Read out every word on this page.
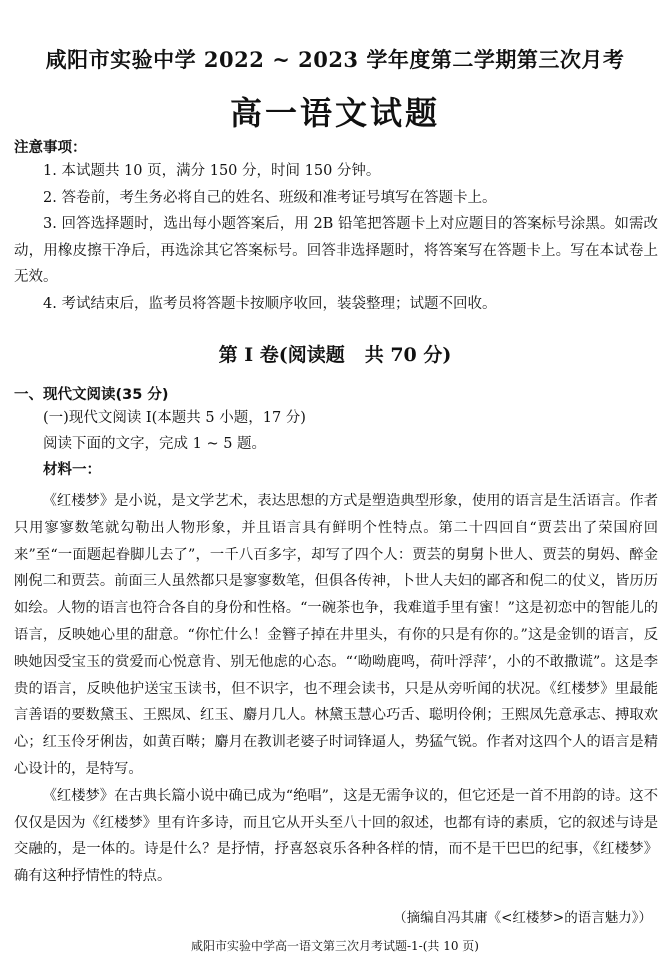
咸阳市实验中学 2022 ~ 2023 学年度第二学期第三次月考
高一语文试题
注意事项：

1. 本试题共 10 页，满分 150 分，时间 150 分钟。

2. 答卷前，考生务必将自己的姓名、班级和准考证号填写在答题卡上。

3. 回答选择题时，选出每小题答案后，用 2B 铅笔把答题卡上对应题目的答案标号涂黑。如需改动，用橡皮擦干净后，再选涂其它答案标号。回答非选择题时，将答案写在答题卡上。写在本试卷上无效。

4. 考试结束后，监考员将答题卡按顺序收回，装袋整理；试题不回收。

第 I 卷(阅读题 共 70 分)
一、现代文阅读(35 分)

(一)现代文阅读 I(本题共 5 小题，17 分)

阅读下面的文字，完成 1 ~ 5 题。

材料一：

《红楼梦》是小说，是文学艺术，表达思想的方式是塑造典型形象，使用的语言是生活语言。作者只用寥寥数笔就勾勒出人物形象，并且语言具有鲜明个性特点。第二十四回自“贾芸出了荣国府回来”至“一面题起眷脚儿去了”，一千八百多字，却写了四个人：贾芸的舅舅卜世人、贾芸的舅妈、醉金刚倪二和贾芸。前面三人虽然都只是寥寥数笔，但俱各传神，卜世人夫妇的鄙吝和倪二的仗义，皆历历如绘。人物的语言也符合各自的身份和性格。“一碗茶也争，我难道手里有蜜！”这是初恋中的智能儿的语言，反映她心里的甜意。“你忙什么！金簪子掉在井里头，有你的只是有你的。”这是金钏的语言，反映她因受宝玉的赏爱而心悦意肯、别无他虑的心态。“‘呦呦鹿鸣，荷叶浮萍’，小的不敢撒谎”。这是李贵的语言，反映他护送宝玉读书，但不识字，也不理会读书，只是从旁听闻的状况。《红楼梦》里最能言善语的要数黛玉、王熙凤、红玉、麝月几人。林黛玉慧心巧舌、聪明伶俐；王熙凤先意承志、搏取欢心；红玉伶牙俐齿，如黄百啭；麝月在教训老婆子时词锋逼人，势猛气锐。作者对这四个人的语言是精心设计的，是特写。

《红楼梦》在古典长篇小说中确已成为“绝唱”，这是无需争议的，但它还是一首不用韵的诗。这不仅仅是因为《红楼梦》里有许多诗，而且它从开头至八十回的叙述，也都有诗的素质，它的叙述与诗是交融的，是一体的。诗是什么？是抒情，抒喜怒哀乐各种各样的情，而不是干巴巴的纪事，《红楼梦》确有这种抒情性的特点。

（摘编自冯其庸《<红楼梦>的语言魅力》）
咸阳市实验中学高一语文第三次月考试题-1-(共 10 页)
